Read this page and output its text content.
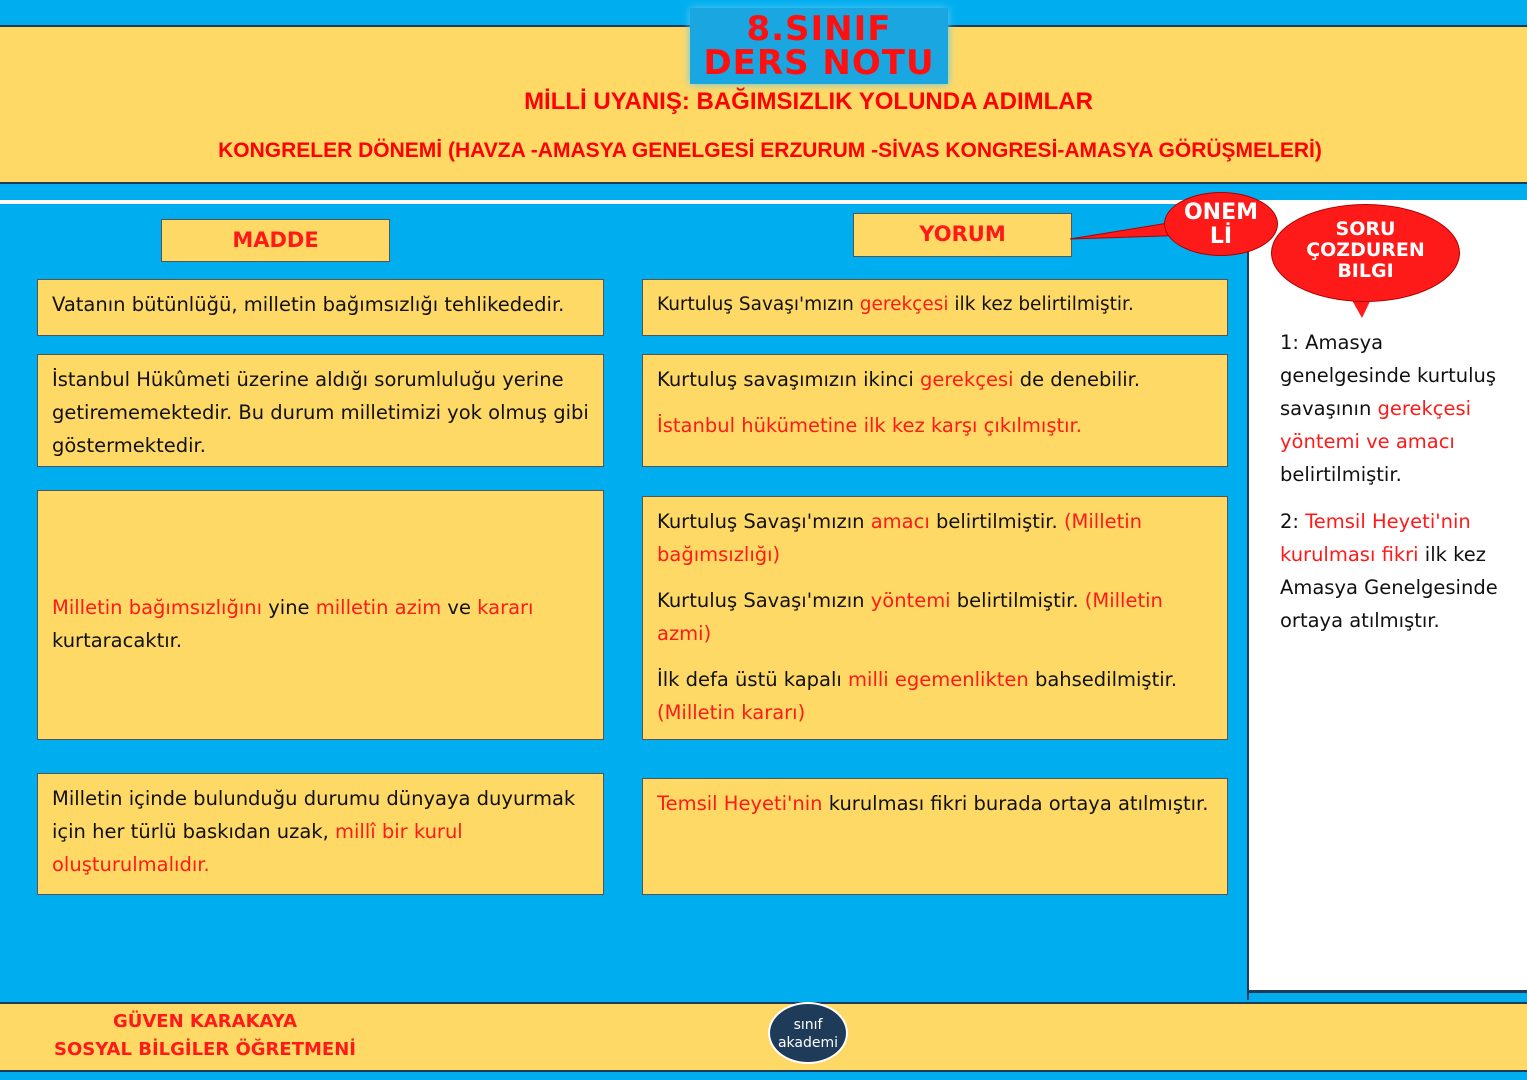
8.SINIF
DERS NOTU
MİLLİ UYANIŞ: BAĞIMSIZLIK YOLUNDA ADIMLAR
KONGRELER DÖNEMİ (HAVZA -AMASYA GENELGESİ ERZURUM -SİVAS KONGRESİ-AMASYA GÖRÜŞMELERİ)
MADDE	YORUM
ONEM
Lİ	SORU
ÇOZDUREN
BILGI

Vatanın bütünlüğü, milletin bağımsızlığı tehlikededir.

İstanbul Hükûmeti üzerine aldığı sorumluluğu yerine getirememektedir. Bu durum milletimizi yok olmuş gibi göstermektedir.

Milletin bağımsızlığını yine milletin azim ve kararı kurtaracaktır.

Milletin içinde bulunduğu durumu dünyaya duyurmak için her türlü baskıdan uzak, millî bir kurul oluşturulmalıdır.

Kurtuluş Savaşı'mızın gerekçesi ilk kez belirtilmiştir.

Kurtuluş savaşımızın ikinci gerekçesi de denebilir.

İstanbul hükümetine ilk kez karşı çıkılmıştır.

Kurtuluş Savaşı'mızın amacı belirtilmiştir. (Milletin bağımsızlığı)

Kurtuluş Savaşı'mızın yöntemi belirtilmiştir. (Milletin azmi)

İlk defa üstü kapalı milli egemenlikten bahsedilmiştir. (Milletin kararı)

Temsil Heyeti'nin kurulması fikri burada ortaya atılmıştır.

1: Amasya genelgesinde kurtuluş savaşının gerekçesi yöntemi ve amacı belirtilmiştir.

2: Temsil Heyeti'nin kurulması fikri ilk kez Amasya Genelgesinde ortaya atılmıştır.

GÜVEN KARAKAYA
SOSYAL BİLGİLER ÖĞRETMENİ
sınıf
akademi
